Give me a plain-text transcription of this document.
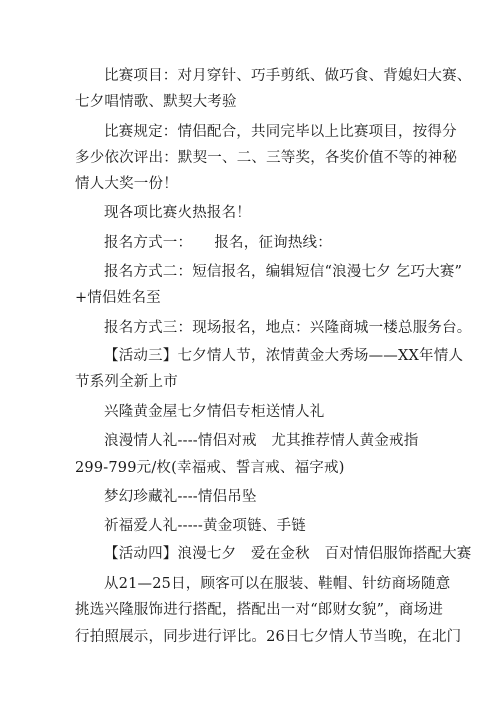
比赛项目：对月穿针、巧手剪纸、做巧食、背媳妇大赛、
七夕唱情歌、默契大考验
比赛规定：情侣配合，共同完毕以上比赛项目，按得分
多少依次评出：默契一、二、三等奖，各奖价值不等的神秘
情人大奖一份！
现各项比赛火热报名！
报名方式一：　　报名，征询热线：
报名方式二：短信报名，编辑短信“浪漫七夕 乞巧大赛”
+情侣姓名至
报名方式三：现场报名，地点：兴隆商城一楼总服务台。
【活动三】七夕情人节，浓情黄金大秀场——XX年情人
节系列全新上市
兴隆黄金屋七夕情侣专柜送情人礼
浪漫情人礼----情侣对戒　尤其推荐情人黄金戒指
299-799元/枚(幸福戒、誓言戒、福字戒)
梦幻珍藏礼----情侣吊坠
祈福爱人礼-----黄金项链、手链
【活动四】浪漫七夕　爱在金秋　百对情侣服饰搭配大赛
从21—25日，顾客可以在服装、鞋帽、针纺商场随意
挑选兴隆服饰进行搭配，搭配出一对“郎财女貌”，商场进
行拍照展示，同步进行评比。26日七夕情人节当晚，在北门
